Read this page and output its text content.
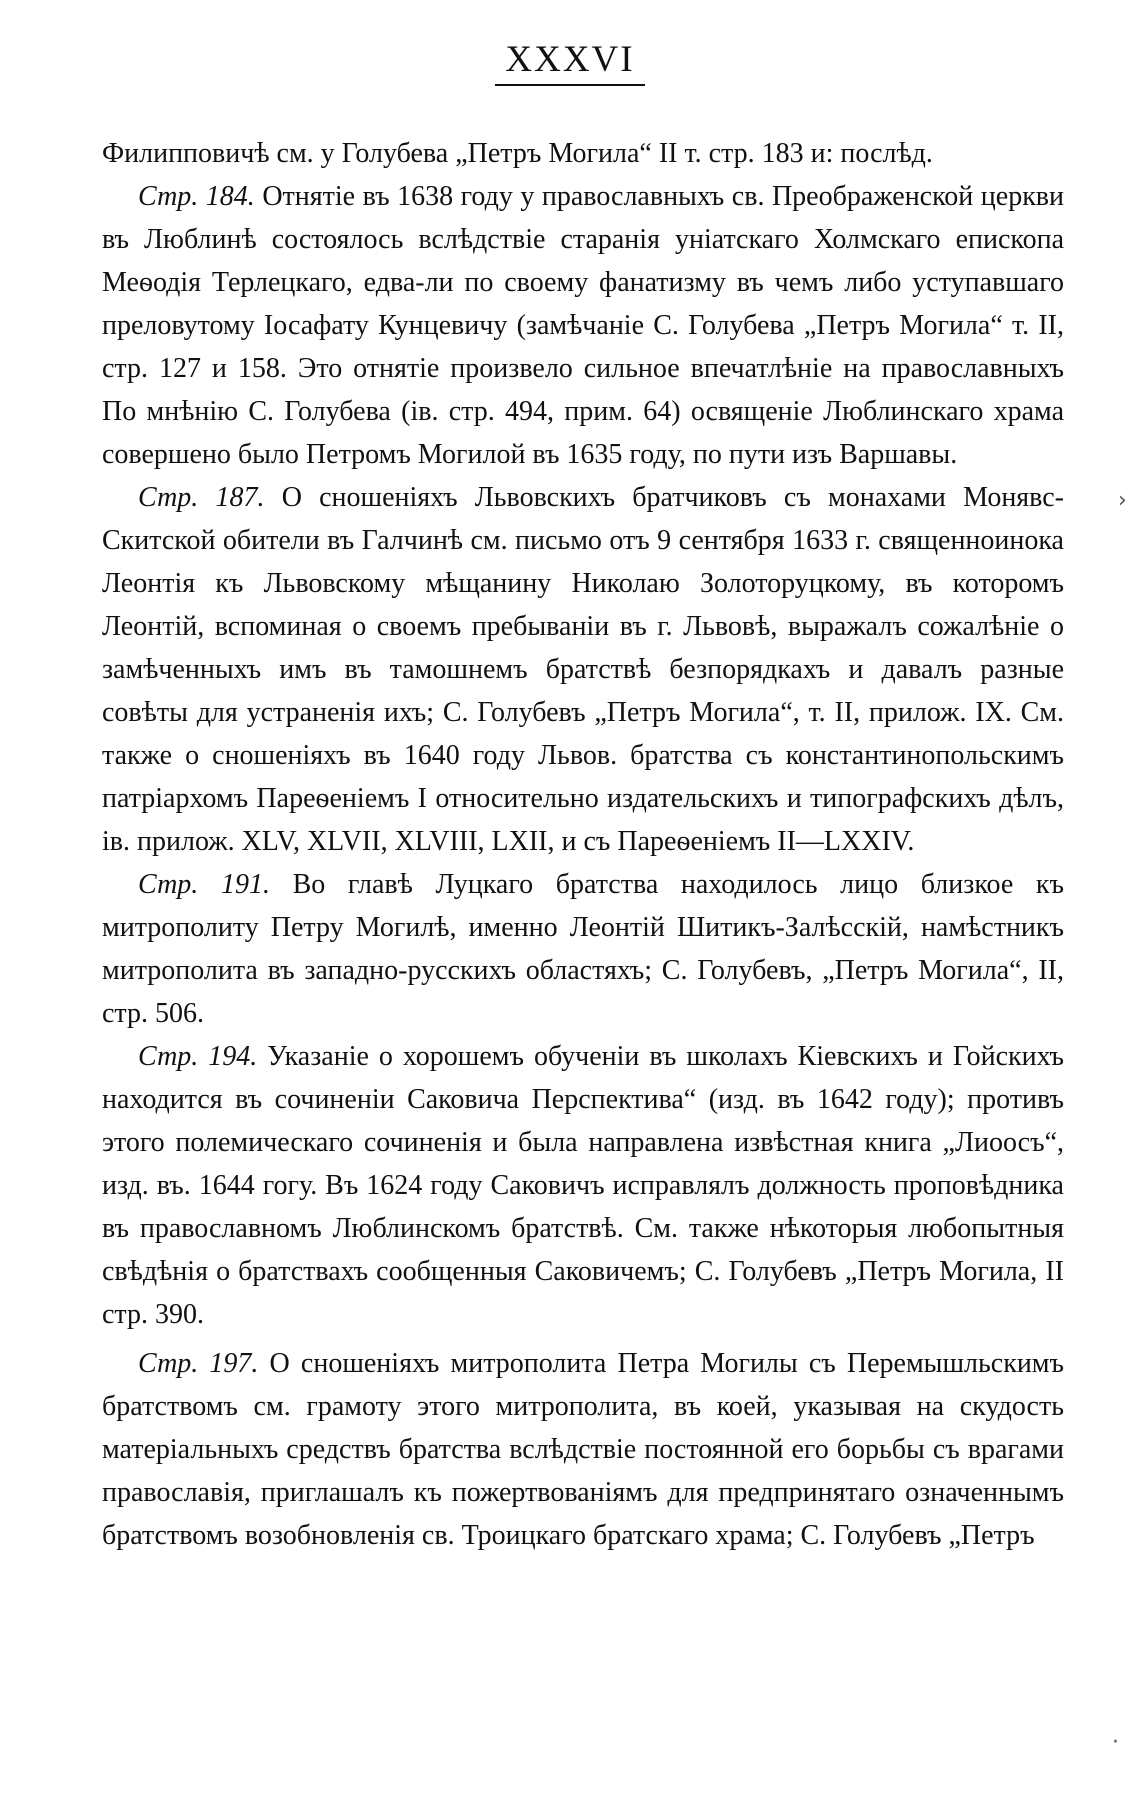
XXXVI

Филипповичѣ см. у Голубева „Петръ Могила“ II т. стр. 183 и: послѣд.

Стр. 184. Отнятіе въ 1638 году у православныхъ св. Преображенской церкви въ Люблинѣ состоялось вслѣдствіе старанія уніатскаго Холмскаго епископа Меѳодія Терлецкаго, едва-ли по своему фанатизму въ чемъ либо уступавшаго преловутому Іосафату Кунцевичу (замѣчаніе С. Голубева „Петръ Могила“ т. II, стр. 127 и 158. Это отнятіе произвело сильное впечатлѣніе на православныхъ По мнѣнію С. Голубева (ів. стр. 494, прим. 64) освященіе Люблинскаго храма совершено было Петромъ Могилой въ 1635 году, по пути изъ Варшавы.

Стр. 187. О сношеніяхъ Львовскихъ братчиковъ съ монахами Монявс-Скитской обители въ Галчинѣ см. письмо отъ 9 сентября 1633 г. священноинока Леонтія къ Львовскому мѣщанину Николаю Золоторуцкому, въ которомъ Леонтій, вспоминая о своемъ пребываніи въ г. Львовѣ, выражалъ сожалѣніе о замѣченныхъ имъ въ тамошнемъ братствѣ безпорядкахъ и давалъ разные совѣты для устраненія ихъ; С. Голубевъ „Петръ Могила“, т. II, прилож. IX. См. также о сношеніяхъ въ 1640 году Львов. братства съ константинопольскимъ патріархомъ Пареѳеніемъ I относительно издательскихъ и типографскихъ дѣлъ, ів. прилож. XLV, XLVII, XLVIII, LXII, и съ Пареѳеніемъ II—LXXIV.

Стр. 191. Во главѣ Луцкаго братства находилось лицо близкое къ митрополиту Петру Могилѣ, именно Леонтій Шитикъ-Залѣсскій, намѣстникъ митрополита въ западно-русскихъ областяхъ; С. Голубевъ, „Петръ Могила“, II, стр. 506.

Стр. 194. Указаніе о хорошемъ обученіи въ школахъ Кіевскихъ и Гойскихъ находится въ сочиненіи Саковича Перспектива“ (изд. въ 1642 году); противъ этого полемическаго сочиненія и была направлена извѣстная книга „Лиоосъ“, изд. въ. 1644 гогу. Въ 1624 году Саковичъ исправлялъ должность проповѣдника въ православномъ Люблинскомъ братствѣ. См. также нѣкоторыя любопытныя свѣдѣнія о братствахъ сообщенныя Саковичемъ; С. Голубевъ „Петръ Могила, II стр. 390.

Стр. 197. О сношеніяхъ митрополита Петра Могилы съ Перемышльскимъ братствомъ см. грамоту этого митрополита, въ коей, указывая на скудость матеріальныхъ средствъ братства вслѣдствіе постоянной его борьбы съ врагами православія, приглашалъ къ пожертвованіямъ для предпринятаго означеннымъ братствомъ возобновленія св. Троицкаго братскаго храма; С. Голубевъ „Петръ

›
·
